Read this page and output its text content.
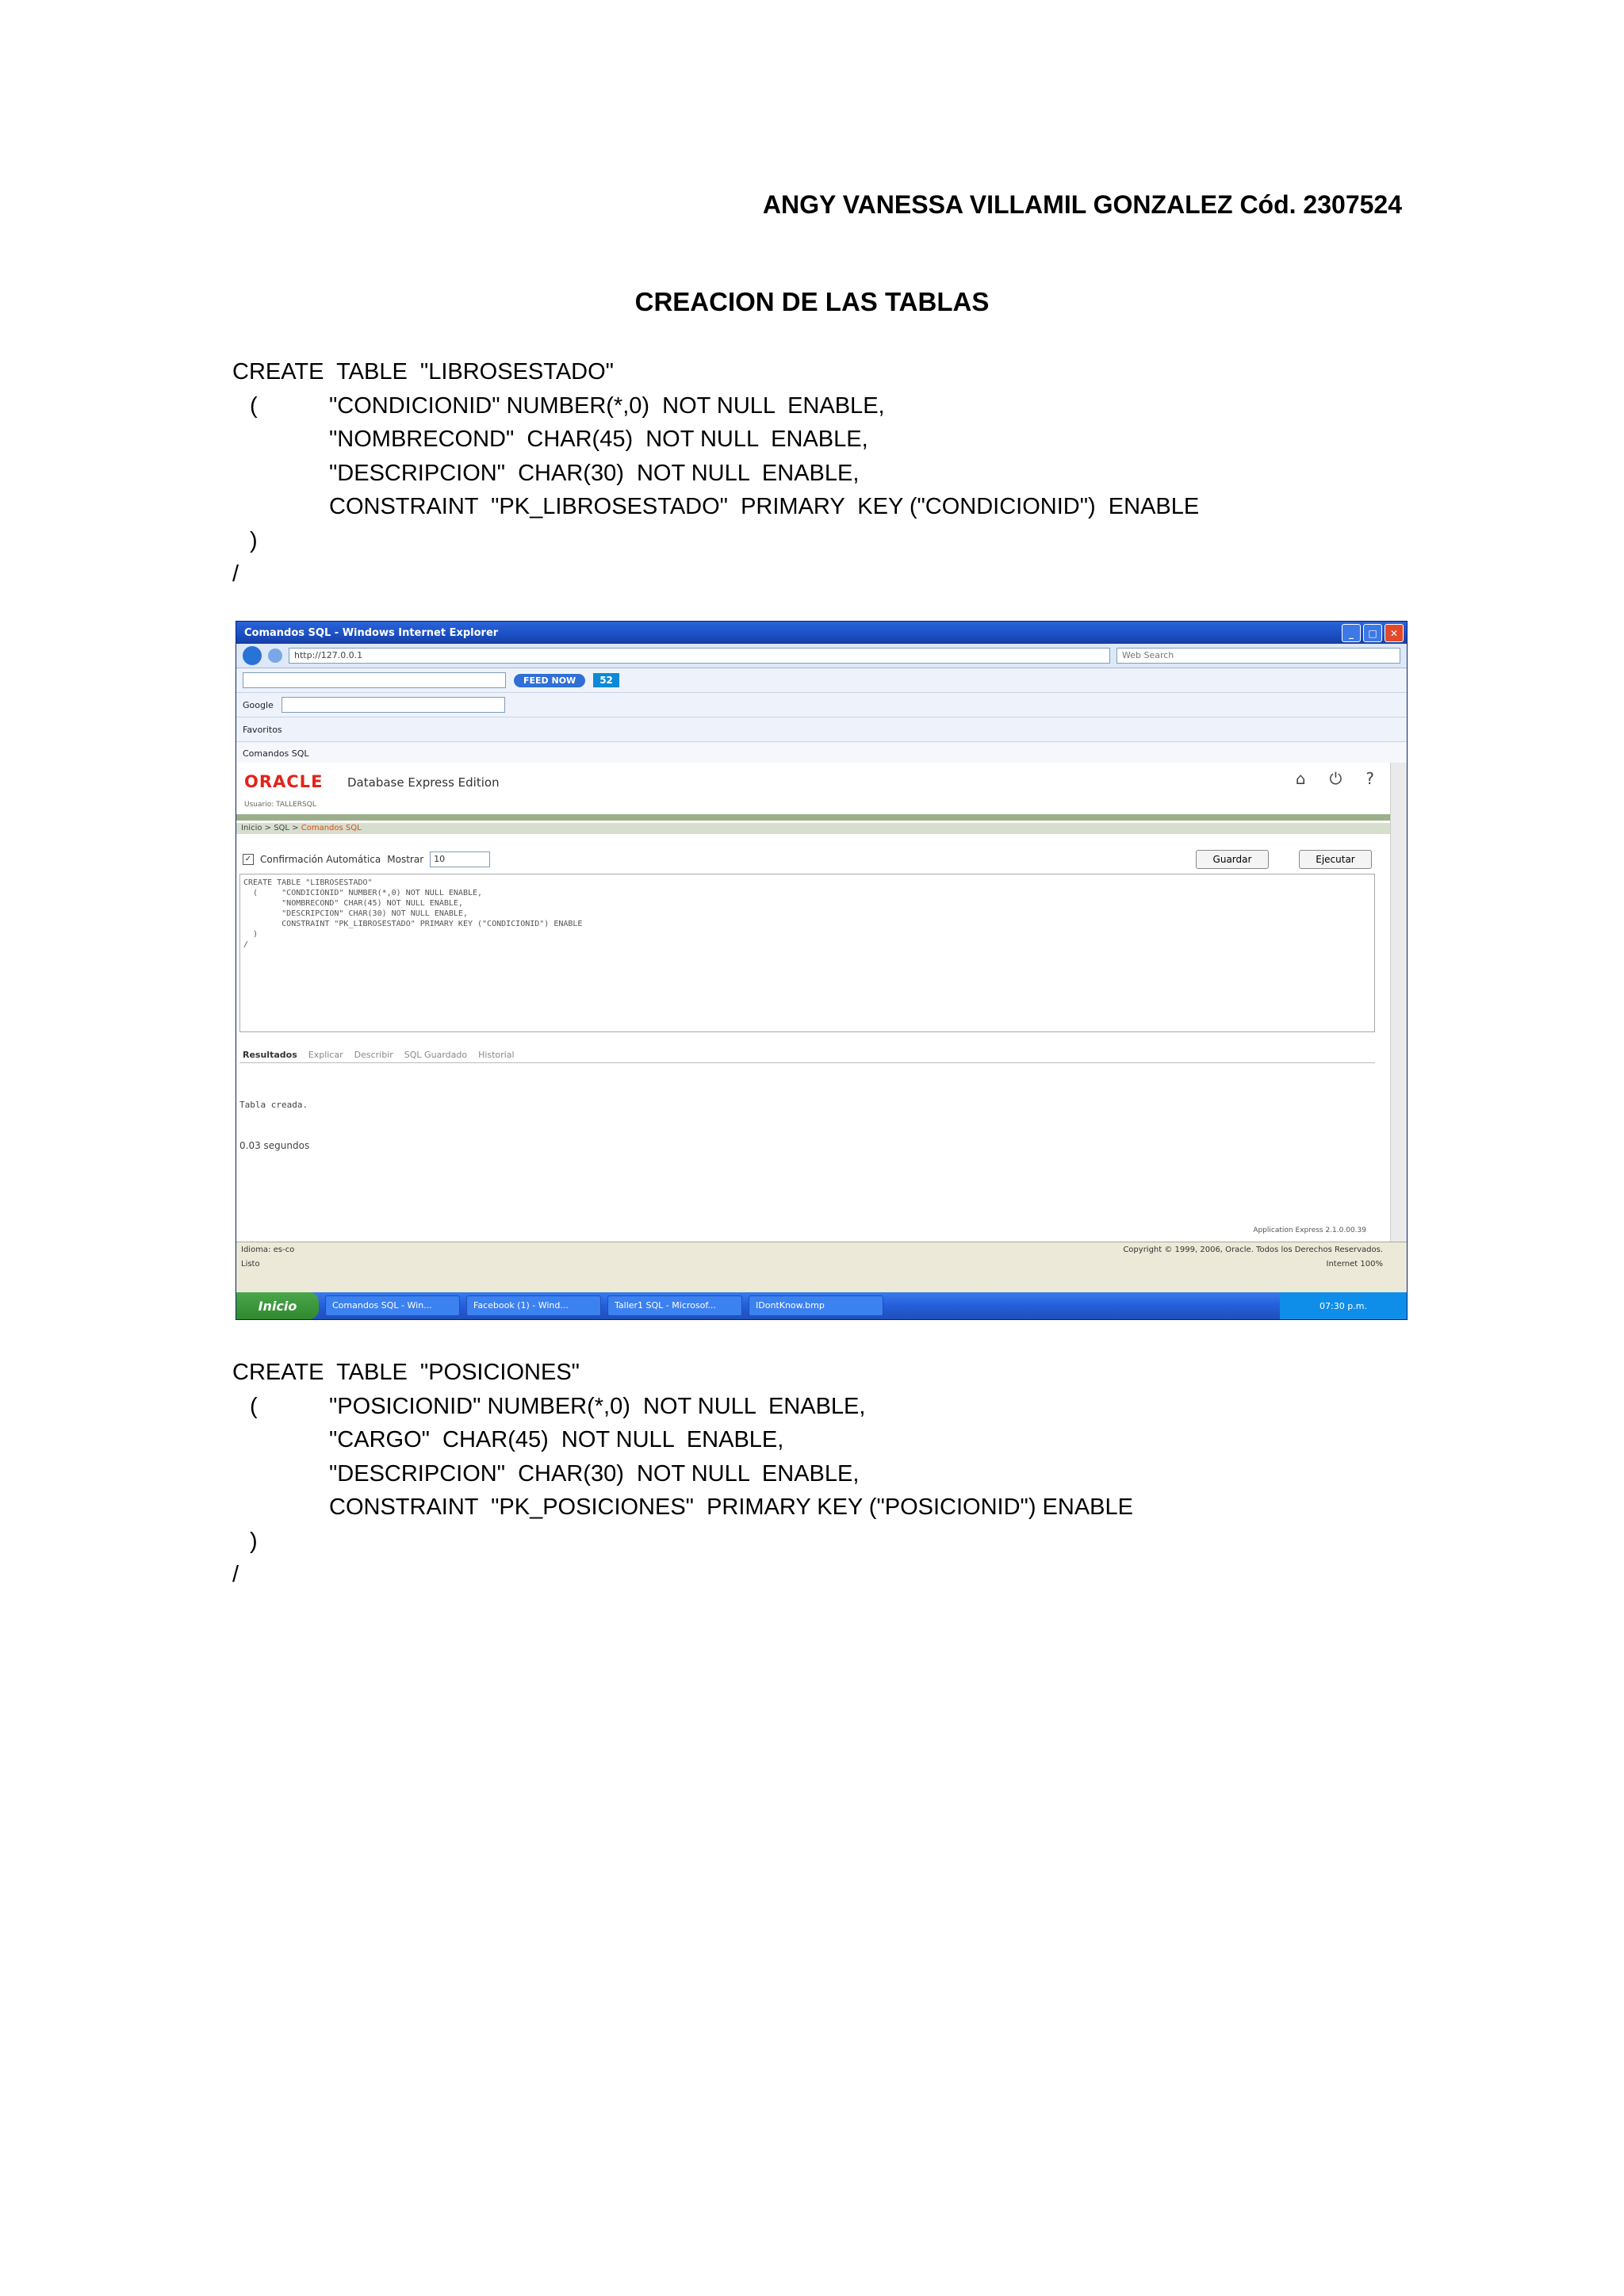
ANGY VANESSA VILLAMIL GONZALEZ Cód. 2307524
CREACION DE LAS TABLAS
CREATE  TABLE  "LIBROSESTADO"
(	"CONDICIONID" NUMBER(*,0)  NOT NULL  ENABLE,
"NOMBRECOND"  CHAR(45)  NOT NULL  ENABLE,
"DESCRIPCION"  CHAR(30)  NOT NULL  ENABLE,
CONSTRAINT  "PK_LIBROSESTADO"  PRIMARY  KEY ("CONDICIONID")  ENABLE
)
/
Comandos SQL - Windows Internet Explorer	_	□	✕
http://127.0.0.1	Web Search
FEED NOW	52
Google
Favoritos
Comandos SQL
ORACLE Database Express Edition
Usuario: TALLERSQL
⌂ ⏻ ?
Inicio > SQL > Comandos SQL
✓ Confirmación Automática Mostrar	10	Guardar	Ejecutar
CREATE TABLE "LIBROSESTADO"
(     "CONDICIONID" NUMBER(*,0) NOT NULL ENABLE,
"NOMBRECOND" CHAR(45) NOT NULL ENABLE,
"DESCRIPCION" CHAR(30) NOT NULL ENABLE,
CONSTRAINT "PK_LIBROSESTADO" PRIMARY KEY ("CONDICIONID") ENABLE
)
/
Resultados Explicar Describir SQL Guardado Historial
Tabla creada.
0.03 segundos
Application Express 2.1.0.00.39
Idioma: es-co	Copyright © 1999, 2006, Oracle. Todos los Derechos Reservados.
Listo	Internet 100%
Inicio	Comandos SQL - Win...	Facebook (1) - Wind...	Taller1 SQL - Microsof...	IDontKnow.bmp	07:30 p.m.
CREATE  TABLE  "POSICIONES"
(	"POSICIONID" NUMBER(*,0)  NOT NULL  ENABLE,
"CARGO"  CHAR(45)  NOT NULL  ENABLE,
"DESCRIPCION"  CHAR(30)  NOT NULL  ENABLE,
CONSTRAINT  "PK_POSICIONES"  PRIMARY KEY ("POSICIONID") ENABLE
)
/
